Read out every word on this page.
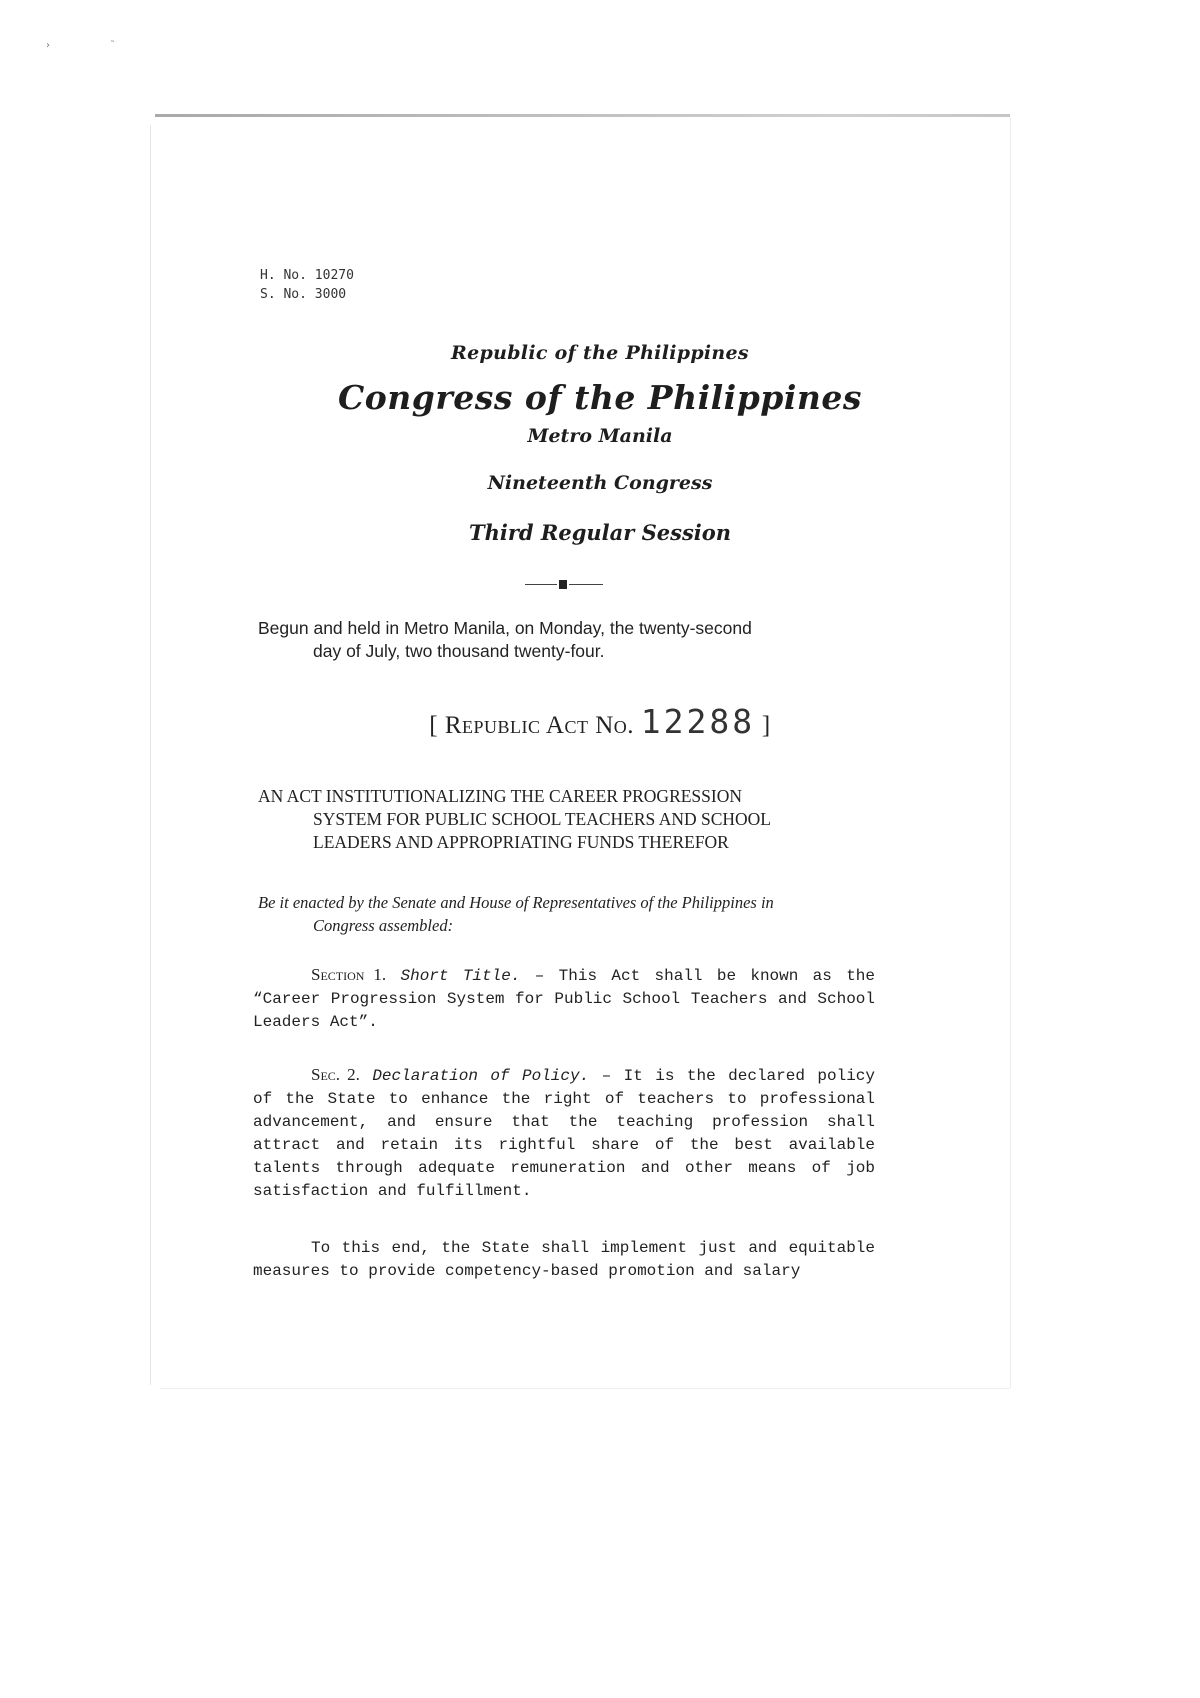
›	˜
H. No. 10270
S. No. 3000
Republic of the Philippines
Congress of the Philippines
Metro Manila
Nineteenth Congress
Third Regular Session
Begun and held in Metro Manila, on Monday, the twenty-second
day of July, two thousand twenty-four.
[ Republic Act No. 12288 ]
AN ACT INSTITUTIONALIZING THE CAREER PROGRESSION
SYSTEM FOR PUBLIC SCHOOL TEACHERS AND SCHOOL
LEADERS AND APPROPRIATING FUNDS THEREFOR
Be it enacted by the Senate and House of Representatives of the Philippines in
Congress assembled:
Section 1. Short Title. – This Act shall be known as the “Career Progression System for Public School Teachers and School Leaders Act”.
Sec. 2. Declaration of Policy. – It is the declared policy of the State to enhance the right of teachers to professional advancement, and ensure that the teaching profession shall attract and retain its rightful share of the best available talents through adequate remuneration and other means of job satisfaction and fulfillment.
To this end, the State shall implement just and equitable measures to provide competency-based promotion and salary
